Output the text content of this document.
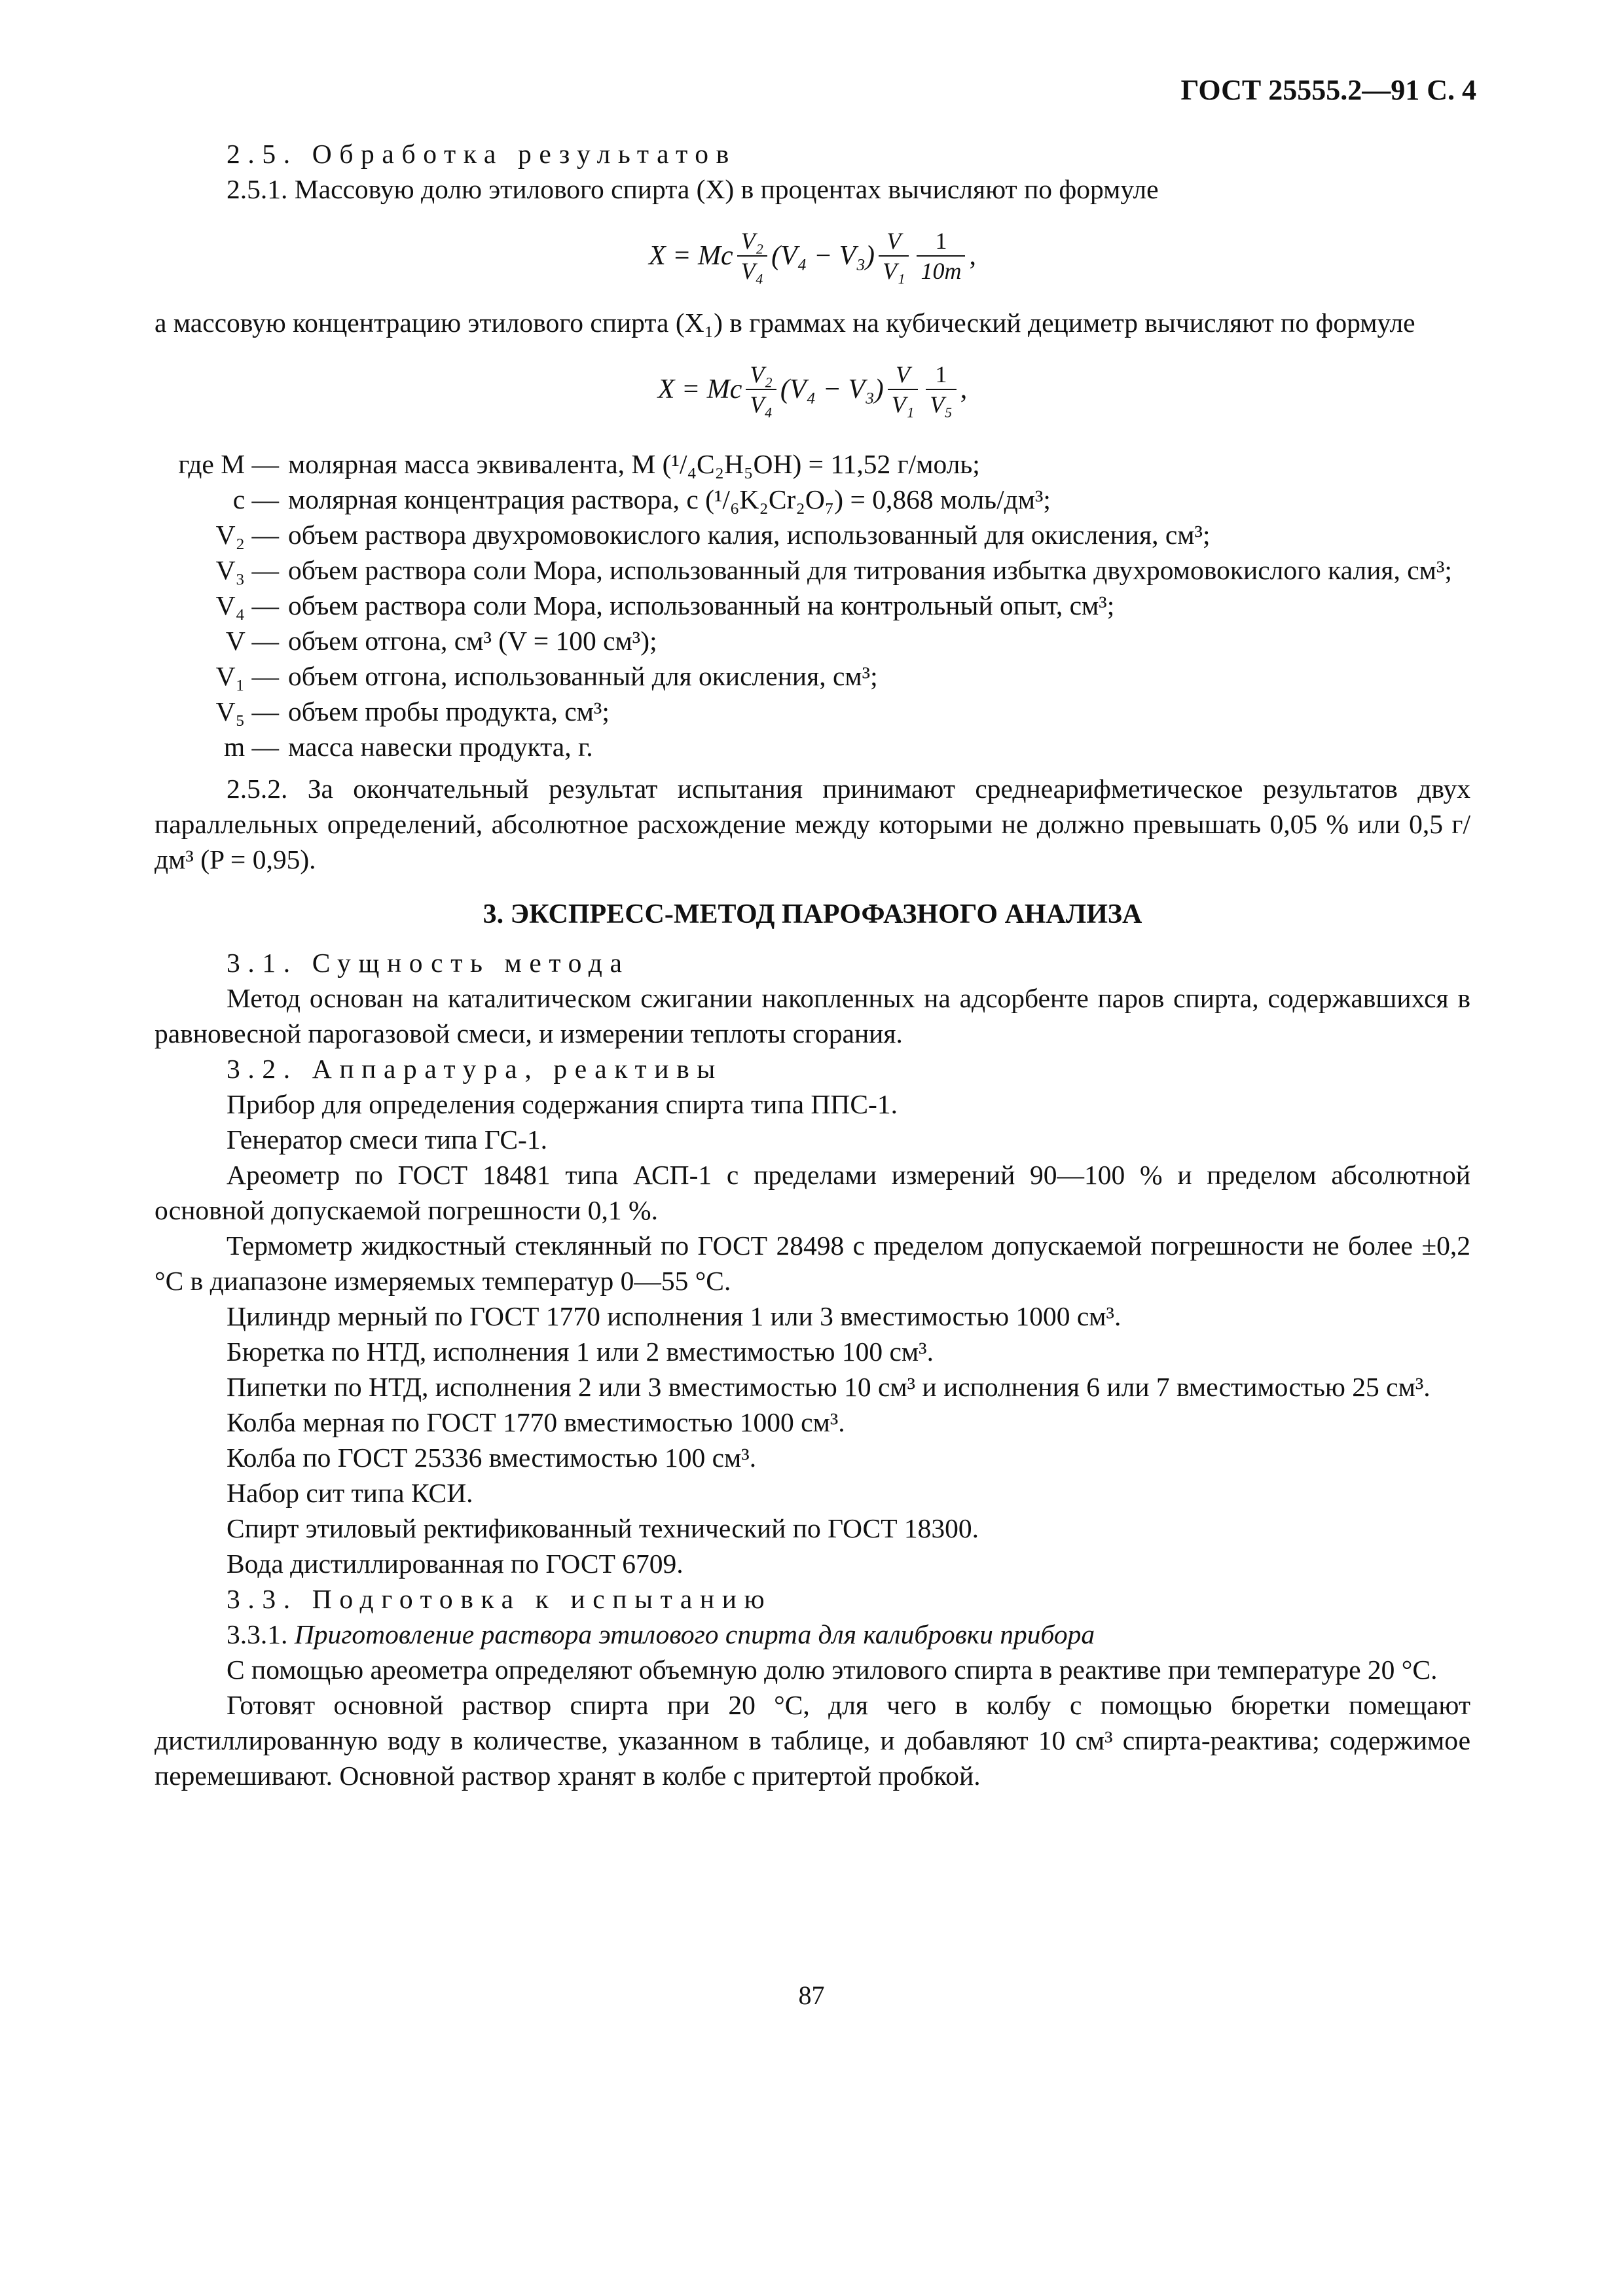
ГОСТ 25555.2—91 С. 4

2.5. Обработка результатов

2.5.1. Массовую долю этилового спирта (X) в процентах вычисляют по формуле

X = Mc $\frac{\text{V₂}}{\text{V₄}} (V_4 - V_3) \frac{V}{\text{V₁}} \frac{1}{10m}$ ,

а массовую концентрацию этилового спирта (X₁) в граммах на кубический дециметр вычисляют по формуле

X = Mc $\frac{\text{V₂}}{\text{V₄}} (V_4 - V_3) \frac{V}{\text{V₁}} \frac{1}{\text{V₅}}$ ,
где M — молярная масса эквивалента, M (¹/₄C₂H₅OH) = 11,52 г/моль;
c — молярная концентрация раствора, c (¹/₆K₂Cr₂O₇) = 0,868 моль/дм³;
V₂ — объем раствора двухромовокислого калия, использованный для окисления, см³;
V₃ — объем раствора соли Мора, использованный для титрования избытка двухромовокислого калия, см³;
V₄ — объем раствора соли Мора, использованный на контрольный опыт, см³;
V — объем отгона, см³ (V = 100 см³);
V₁ — объем отгона, использованный для окисления, см³;
V₅ — объем пробы продукта, см³;
m — масса навески продукта, г.

2.5.2. За окончательный результат испытания принимают среднеарифметическое результатов двух параллельных определений, абсолютное расхождение между которыми не должно превышать 0,05 % или 0,5 г/дм³ (P = 0,95).

3. ЭКСПРЕСС-МЕТОД ПАРОФАЗНОГО АНАЛИЗА

3.1. Сущность метода

Метод основан на каталитическом сжигании накопленных на адсорбенте паров спирта, содержавшихся в равновесной парогазовой смеси, и измерении теплоты сгорания.

3.2. Аппаратура, реактивы

Прибор для определения содержания спирта типа ППС-1.

Генератор смеси типа ГС-1.

Ареометр по ГОСТ 18481 типа АСП-1 с пределами измерений 90—100 % и пределом абсолютной основной допускаемой погрешности 0,1 %.

Термометр жидкостный стеклянный по ГОСТ 28498 с пределом допускаемой погрешности не более ±0,2 °С в диапазоне измеряемых температур 0—55 °С.

Цилиндр мерный по ГОСТ 1770 исполнения 1 или 3 вместимостью 1000 см³.

Бюретка по НТД, исполнения 1 или 2 вместимостью 100 см³.

Пипетки по НТД, исполнения 2 или 3 вместимостью 10 см³ и исполнения 6 или 7 вместимостью 25 см³.

Колба мерная по ГОСТ 1770 вместимостью 1000 см³.

Колба по ГОСТ 25336 вместимостью 100 см³.

Набор сит типа КСИ.

Спирт этиловый ректификованный технический по ГОСТ 18300.

Вода дистиллированная по ГОСТ 6709.

3.3. Подготовка к испытанию

3.3.1. Приготовление раствора этилового спирта для калибровки прибора

С помощью ареометра определяют объемную долю этилового спирта в реактиве при температуре 20 °С.

Готовят основной раствор спирта при 20 °С, для чего в колбу с помощью бюретки помещают дистиллированную воду в количестве, указанном в таблице, и добавляют 10 см³ спирта-реактива; содержимое перемешивают. Основной раствор хранят в колбе с притертой пробкой.

87
